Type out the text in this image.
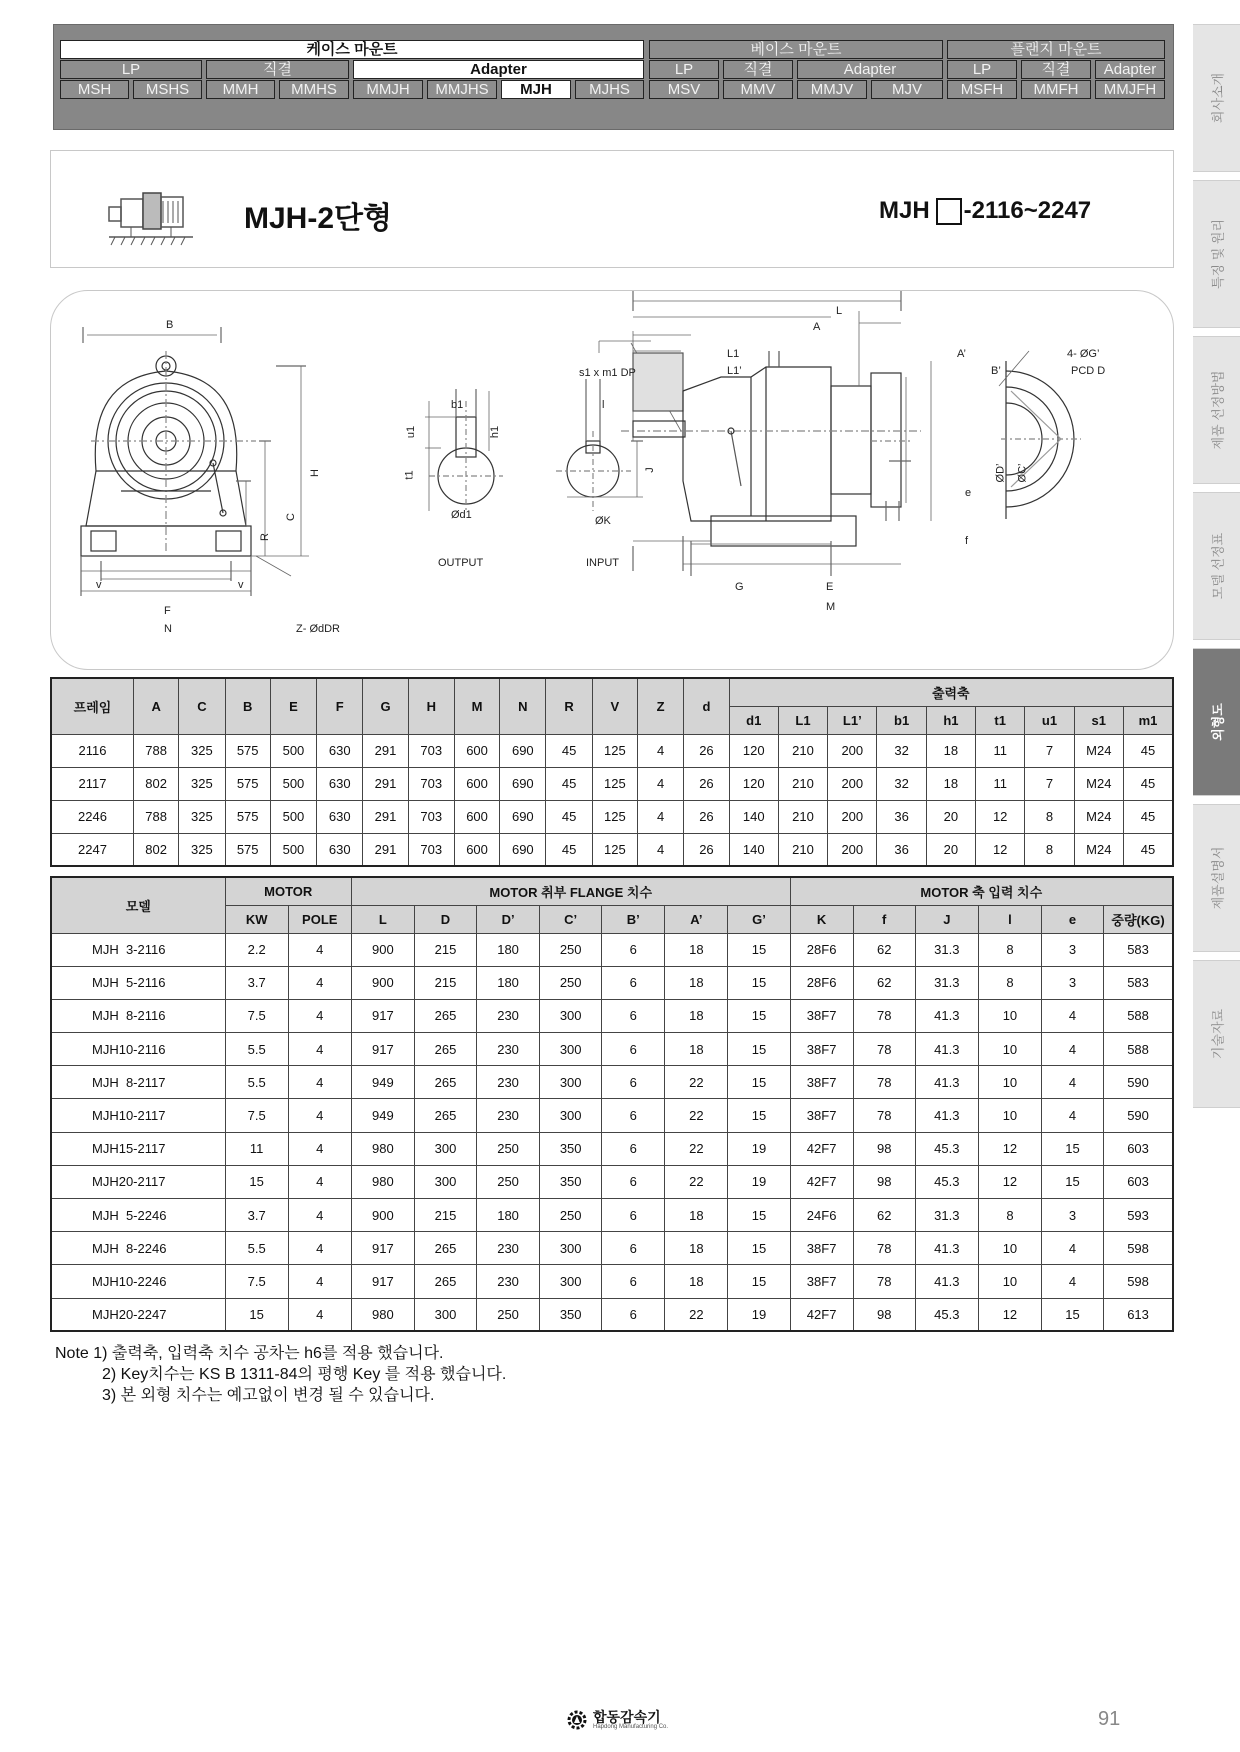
케이스 마운트	베이스 마운트	플랜지 마운트
LP	직결	Adapter	LP	직결	Adapter	LP	직결	Adapter
MSH	MSHS	MMH	MMHS	MMJH	MMJHS	MJH	MJHS	MSV	MMV	MMJV	MJV	MSFH	MMFH	MMJFH	회사소개
특징 및 원리
제품 선정방법
모델 선정표
외형도
제품설명서
기술자료
MJH-2단형	MJH -2116~2247
B
H
C
R
v	v
F
N	Z- ØdDR
b1
u1	h1
t1
Ød1
OUTPUT
s1 x m1 DP
l
J
ØK
INPUT
L
A
L1
L1’
A’
B’
4- ØG’
PCD D
ØD’ ØC’
e
f
G	E
M
프레임	A	C	B	E	F	G	H	M	N	R	V	Z	d	출력축								
														d1	L1	L1’	b1	h1	t1	u1	s1	m1
2116	788	325	575	500	630	291	703	600	690	45	125	4	26	120	210	200	32	18	11	7	M24	45
2117	802	325	575	500	630	291	703	600	690	45	125	4	26	120	210	200	32	18	11	7	M24	45
2246	788	325	575	500	630	291	703	600	690	45	125	4	26	140	210	200	36	20	12	8	M24	45
2247	802	325	575	500	630	291	703	600	690	45	125	4	26	140	210	200	36	20	12	8	M24	45
모델	MOTOR		MOTOR 취부 FLANGE 치수							MOTOR 축 입력 치수					
	KW	POLE	L	D	D’	C’	B’	A’	G’	K	f	J	l	e	중량(KG)
MJH  3-2116	2.2	4	900	215	180	250	6	18	15	28F6	62	31.3	8	3	583
MJH  5-2116	3.7	4	900	215	180	250	6	18	15	28F6	62	31.3	8	3	583
MJH  8-2116	7.5	4	917	265	230	300	6	18	15	38F7	78	41.3	10	4	588
MJH10-2116	5.5	4	917	265	230	300	6	18	15	38F7	78	41.3	10	4	588
MJH  8-2117	5.5	4	949	265	230	300	6	22	15	38F7	78	41.3	10	4	590
MJH10-2117	7.5	4	949	265	230	300	6	22	15	38F7	78	41.3	10	4	590
MJH15-2117	11	4	980	300	250	350	6	22	19	42F7	98	45.3	12	15	603
MJH20-2117	15	4	980	300	250	350	6	22	19	42F7	98	45.3	12	15	603
MJH  5-2246	3.7	4	900	215	180	250	6	18	15	24F6	62	31.3	8	3	593
MJH  8-2246	5.5	4	917	265	230	300	6	18	15	38F7	78	41.3	10	4	598
MJH10-2246	7.5	4	917	265	230	300	6	18	15	38F7	78	41.3	10	4	598
MJH20-2247	15	4	980	300	250	350	6	22	19	42F7	98	45.3	12	15	613
Note 1) 출력축, 입력축 치수 공차는 h6를 적용 했습니다.
2) Key치수는 KS B 1311-84의 평행 Key 를 적용 했습니다.
3) 본 외형 치수는 예고없이 변경 될 수 있습니다.
합동감속기
Hapdong Manufacturing Co.	91
